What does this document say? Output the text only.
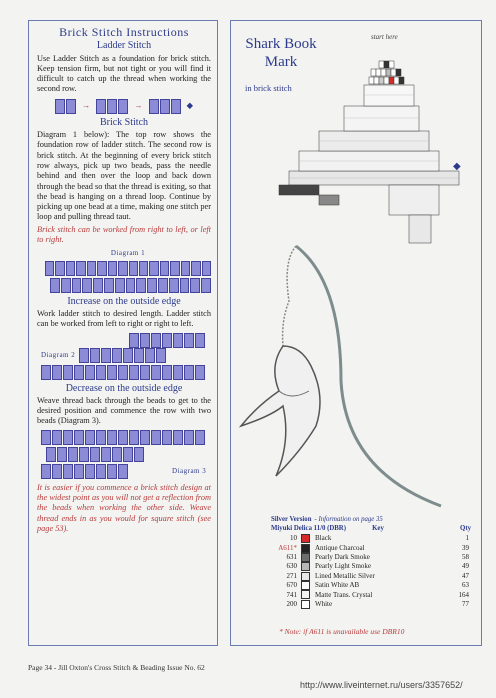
Brick Stitch Instructions
Ladder Stitch

Use Ladder Stitch as a foundation for brick stitch. Keep tension firm, but not tight or you will find it difficult to catch up the thread when working the second row.

→	→	◆
Brick Stitch

Diagram 1 below): The top row shows the foundation row of ladder stitch. The second row is brick stitch. At the beginning of every brick stitch row always, pick up two beads, pass the needle behind and then over the loop and back down through the bead so that the thread is exiting, so that the bead is hanging on a thread loop. Continue by picking up one bead at a time, making one stitch per loop and pulling thread taut.

Brick stitch can be worked from right to left, or left to right.

Diagram 1
Increase on the outside edge

Work ladder stitch to desired length. Ladder stitch can be worked from left to right or right to left.

Diagram 2
Decrease on the outside edge

Weave thread back through the beads to get to the desired position and commence the row with two beads (Diagram 3).

Diagram 3

It is easier if you commence a brick stitch design at the widest point as you will not get a reflection from the beads when working the other side. Weave thread ends in as you would for square stitch (see page 53).

Shark Book Mark
in brick stitch
start here
◆
Silver Version - Information on page 35
Miyuki Delica 11/0 (DBR)	Key	Qty
10		Black	1
A611*		Antique Charcoal	39
631		Pearly Dark Smoke	58
630		Pearly Light Smoke	49
271		Lined Metallic Silver	47
670		Satin White AB	63
741		Matte Trans. Crystal	164
200		White	77
* Note: if A611 is unavailable use DBR10
Page 34 - Jill Oxton's Cross Stitch & Beading Issue No. 62
http://www.liveinternet.ru/users/3357652/
